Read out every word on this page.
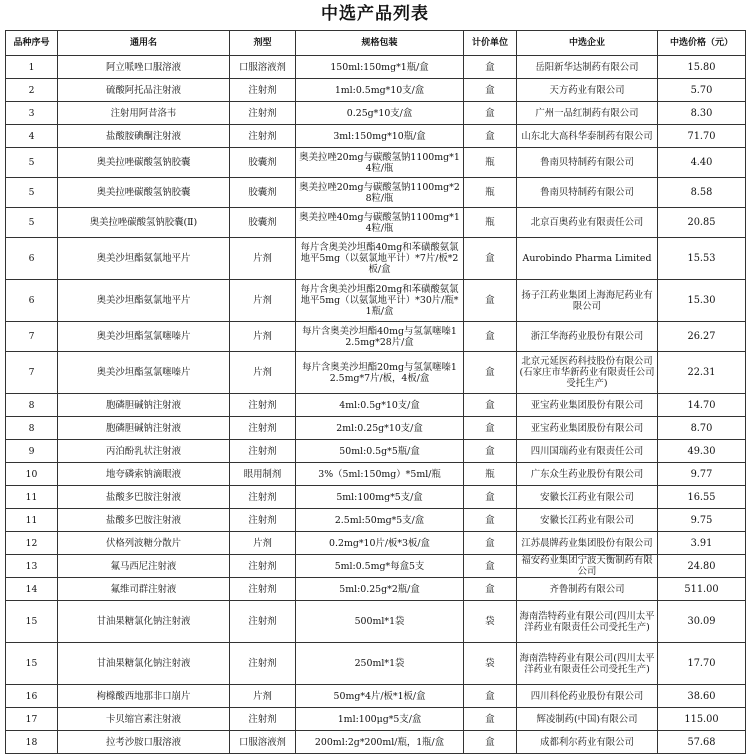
中选产品列表
品种序号	通用名	剂型	规格包装	计价单位	中选企业	中选价格（元）
1	阿立哌唑口服溶液	口服溶液剂	150ml:150mg*1瓶/盒	盒	岳阳新华达制药有限公司	15.80
2	硫酸阿托品注射液	注射剂	1ml:0.5mg*10支/盒	盒	天方药业有限公司	5.70
3	注射用阿昔洛韦	注射剂	0.25g*10支/盒	盒	广州一品红制药有限公司	8.30
4	盐酸胺碘酮注射液	注射剂	3ml:150mg*10瓶/盒	盒	山东北大高科华泰制药有限公司	71.70
5	奥美拉唑碳酸氢钠胶囊	胶囊剂	奥美拉唑20mg与碳酸氢钠1100mg*14粒/瓶	瓶	鲁南贝特制药有限公司	4.40
5	奥美拉唑碳酸氢钠胶囊	胶囊剂	奥美拉唑20mg与碳酸氢钠1100mg*28粒/瓶	瓶	鲁南贝特制药有限公司	8.58
5	奥美拉唑碳酸氢钠胶囊(Ⅱ)	胶囊剂	奥美拉唑40mg与碳酸氢钠1100mg*14粒/瓶	瓶	北京百奥药业有限责任公司	20.85
6	奥美沙坦酯氨氯地平片	片剂	每片含奥美沙坦酯40mg和苯磺酸氨氯地平5mg（以氨氯地平计）*7片/板*2板/盒	盒	Aurobindo Pharma Limited	15.53
6	奥美沙坦酯氨氯地平片	片剂	每片含奥美沙坦酯20mg和苯磺酸氨氯地平5mg（以氨氯地平计）*30片/瓶*1瓶/盒	盒	扬子江药业集团上海海尼药业有限公司	15.30
7	奥美沙坦酯氢氯噻嗪片	片剂	每片含奥美沙坦酯40mg与氢氯噻嗪12.5mg*28片/盒	盒	浙江华海药业股份有限公司	26.27
7	奥美沙坦酯氢氯噻嗪片	片剂	每片含奥美沙坦酯20mg与氢氯噻嗪12.5mg*7片/板，4板/盒	盒	北京元延医药科技股份有限公司(石家庄市华新药业有限责任公司受托生产)	22.31
8	胞磷胆碱钠注射液	注射剂	4ml:0.5g*10支/盒	盒	亚宝药业集团股份有限公司	14.70
8	胞磷胆碱钠注射液	注射剂	2ml:0.25g*10支/盒	盒	亚宝药业集团股份有限公司	8.70
9	丙泊酚乳状注射液	注射剂	50ml:0.5g*5瓶/盒	盒	四川国瑞药业有限责任公司	49.30
10	地夸磷索钠滴眼液	眼用制剂	3%（5ml:150mg）*5ml/瓶	瓶	广东众生药业股份有限公司	9.77
11	盐酸多巴胺注射液	注射剂	5ml:100mg*5支/盒	盒	安徽长江药业有限公司	16.55
11	盐酸多巴胺注射液	注射剂	2.5ml:50mg*5支/盒	盒	安徽长江药业有限公司	9.75
12	伏格列波糖分散片	片剂	0.2mg*10片/板*3板/盒	盒	江苏晨牌药业集团股份有限公司	3.91
13	氟马西尼注射液	注射剂	5ml:0.5mg*每盒5支	盒	福安药业集团宁波天衡制药有限公司	24.80
14	氟维司群注射液	注射剂	5ml:0.25g*2瓶/盒	盒	齐鲁制药有限公司	511.00
15	甘油果糖氯化钠注射液	注射剂	500ml*1袋	袋	海南浩特药业有限公司(四川太平洋药业有限责任公司受托生产)	30.09
15	甘油果糖氯化钠注射液	注射剂	250ml*1袋	袋	海南浩特药业有限公司(四川太平洋药业有限责任公司受托生产)	17.70
16	枸橼酸西地那非口崩片	片剂	50mg*4片/板*1板/盒	盒	四川科伦药业股份有限公司	38.60
17	卡贝缩宫素注射液	注射剂	1ml:100μg*5支/盒	盒	辉凌制药(中国)有限公司	115.00
18	拉考沙胺口服溶液	口服溶液剂	200ml:2g*200ml/瓶，1瓶/盒	盒	成都利尔药业有限公司	57.68
